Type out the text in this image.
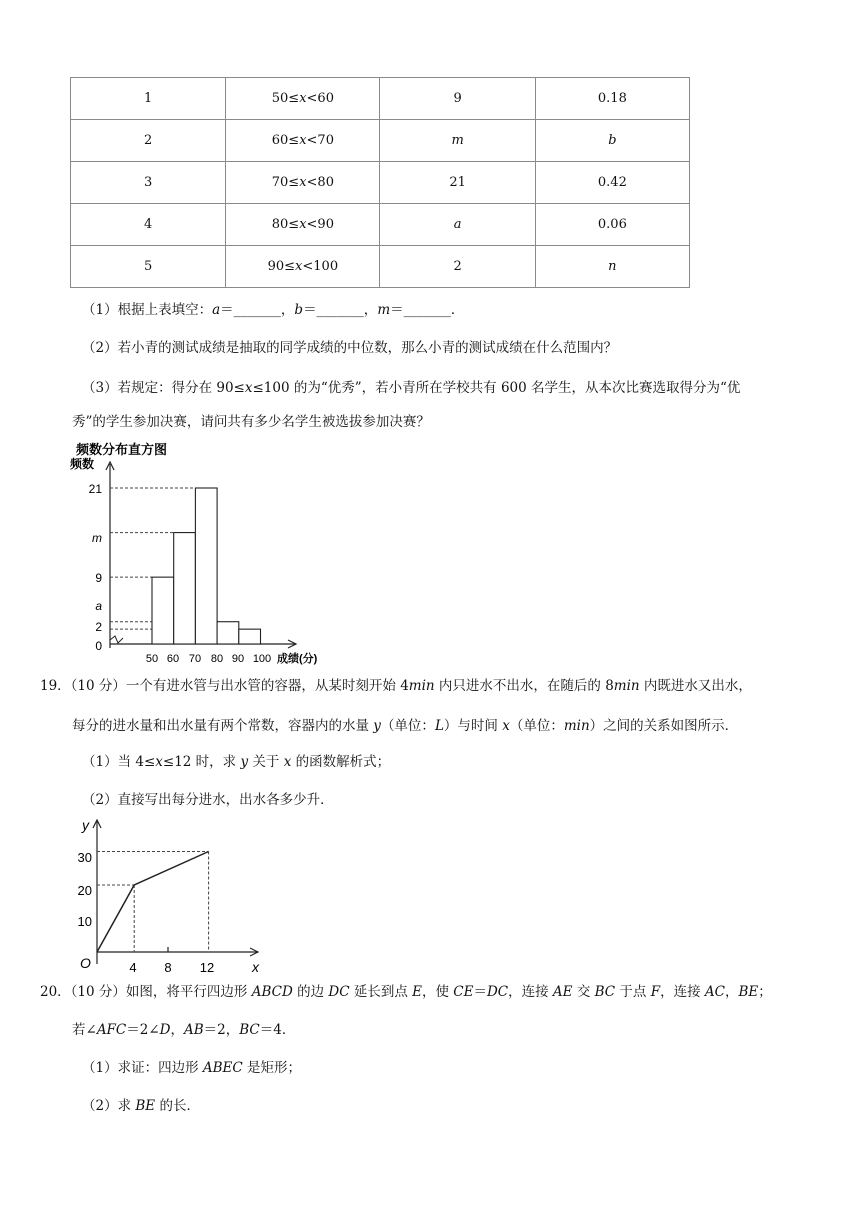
1	50≤x<60	9	0.18
2	60≤x<70	m	b
3	70≤x<80	21	0.42
4	80≤x<90	a	0.06
5	90≤x<100	2	n
（1）根据上表填空：a＝_______，b＝_______，m＝_______．
（2）若小青的测试成绩是抽取的同学成绩的中位数，那么小青的测试成绩在什么范围内？
（3）若规定：得分在 90≤x≤100 的为“优秀”，若小青所在学校共有 600 名学生，从本次比赛选取得分为“优
秀”的学生参加决赛，请问共有多少名学生被选拔参加决赛？
频数分布直方图
频数
21
m
9
a
2
0
50 60 70 80 90 100 成绩(分)
19．（10 分）一个有进水管与出水管的容器，从某时刻开始 4min 内只进水不出水，在随后的 8min 内既进水又出水，
每分的进水量和出水量有两个常数，容器内的水量 y（单位：L）与时间 x（单位：min）之间的关系如图所示．
（1）当 4≤x≤12 时，求 y 关于 x 的函数解析式；
（2）直接写出每分进水，出水各多少升．
y
x
O
30
20
10
4 8 12
20．（10 分）如图，将平行四边形 ABCD 的边 DC 延长到点 E，使 CE＝DC，连接 AE 交 BC 于点 F，连接 AC，BE；
若∠AFC＝2∠D，AB＝2，BC＝4．
（1）求证：四边形 ABEC 是矩形；
（2）求 BE 的长．
